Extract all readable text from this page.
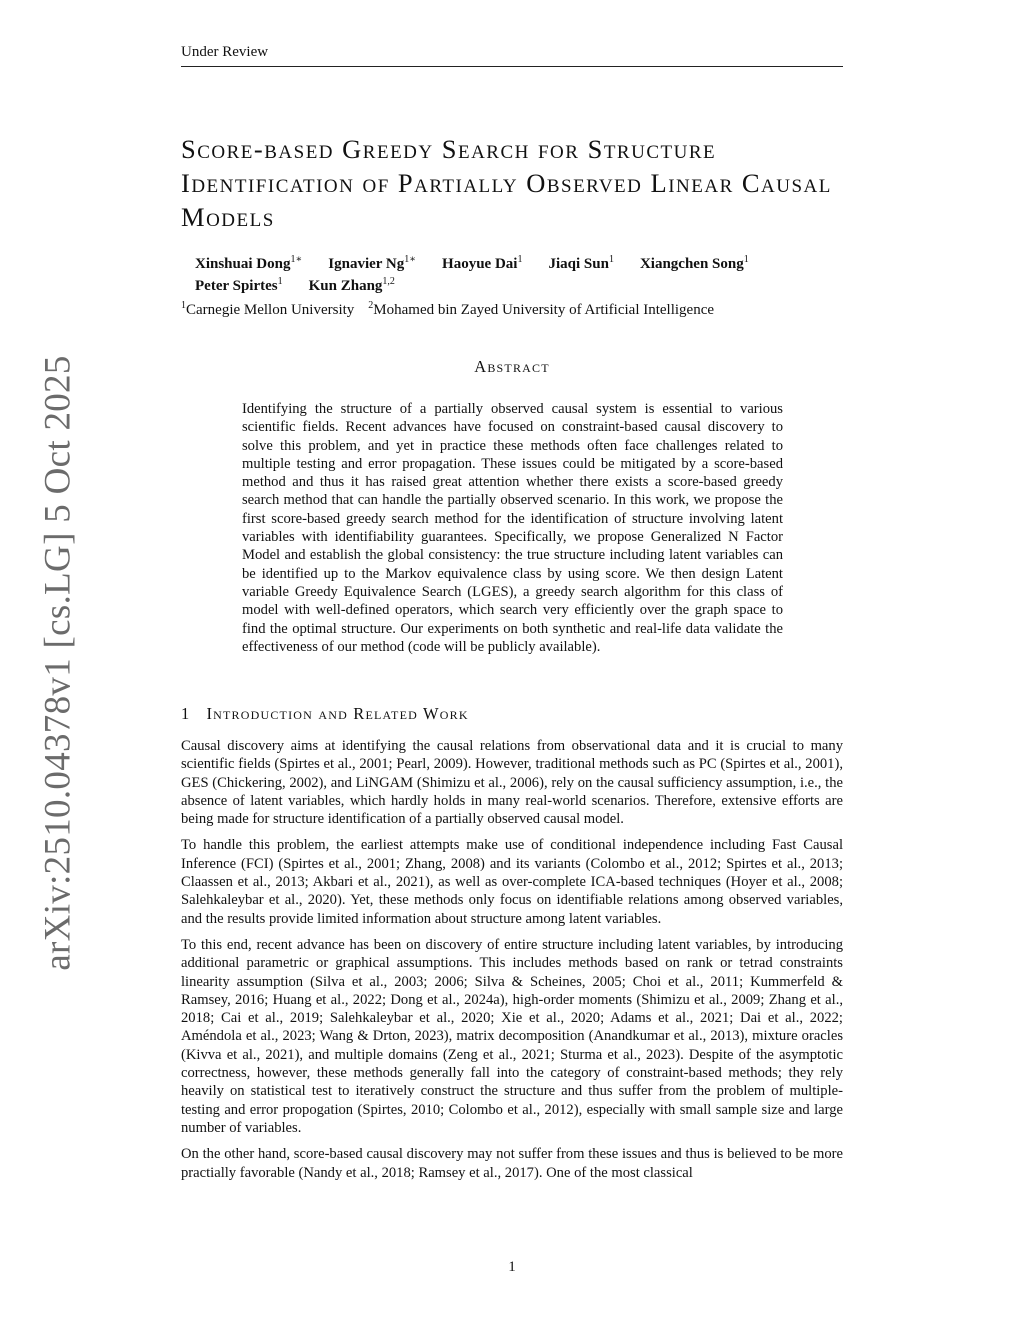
Under Review
arXiv:2510.04378v1 [cs.LG] 5 Oct 2025
Score-based Greedy Search for Structure Identification of Partially Observed Linear Causal Models
Xinshuai Dong$^{1∗}$ Ignavier $Ng^{1∗}$ Haoyue Dai$^1$ Jiaqi Sun$^1$ Xiangchen Song$^1$
Peter Spirtes$^1$ Kun Zhang$^{1,2}$
$^1$Carnegie Mellon University $^2$Mohamed bin Zayed University of Artificial Intelligence
Abstract

Identifying the structure of a partially observed causal system is essential to various scientific fields. Recent advances have focused on constraint-based causal discovery to solve this problem, and yet in practice these methods often face challenges related to multiple testing and error propagation. These issues could be mitigated by a score-based method and thus it has raised great attention whether there exists a score-based greedy search method that can handle the partially observed scenario. In this work, we propose the first score-based greedy search method for the identification of structure involving latent variables with identifiability guarantees. Specifically, we propose Generalized N Factor Model and establish the global consistency: the true structure including latent variables can be identified up to the Markov equivalence class by using score. We then design Latent variable Greedy Equivalence Search (LGES), a greedy search algorithm for this class of model with well-defined operators, which search very efficiently over the graph space to find the optimal structure. Our experiments on both synthetic and real-life data validate the effectiveness of our method (code will be publicly available).

1 Introduction and Related Work

Causal discovery aims at identifying the causal relations from observational data and it is crucial to many scientific fields (Spirtes et al., 2001; Pearl, 2009). However, traditional methods such as PC (Spirtes et al., 2001), GES (Chickering, 2002), and LiNGAM (Shimizu et al., 2006), rely on the causal sufficiency assumption, i.e., the absence of latent variables, which hardly holds in many real-world scenarios. Therefore, extensive efforts are being made for structure identification of a partially observed causal model.

To handle this problem, the earliest attempts make use of conditional independence including Fast Causal Inference (FCI) (Spirtes et al., 2001; Zhang, 2008) and its variants (Colombo et al., 2012; Spirtes et al., 2013; Claassen et al., 2013; Akbari et al., 2021), as well as over-complete ICA-based techniques (Hoyer et al., 2008; Salehkaleybar et al., 2020). Yet, these methods only focus on identifiable relations among observed variables, and the results provide limited information about structure among latent variables.

To this end, recent advance has been on discovery of entire structure including latent variables, by introducing additional parametric or graphical assumptions. This includes methods based on rank or tetrad constraints linearity assumption (Silva et al., 2003; 2006; Silva & Scheines, 2005; Choi et al., 2011; Kummerfeld & Ramsey, 2016; Huang et al., 2022; Dong et al., 2024a), high-order moments (Shimizu et al., 2009; Zhang et al., 2018; Cai et al., 2019; Salehkaleybar et al., 2020; Xie et al., 2020; Adams et al., 2021; Dai et al., 2022; Améndola et al., 2023; Wang & Drton, 2023), matrix decomposition (Anandkumar et al., 2013), mixture oracles (Kivva et al., 2021), and multiple domains (Zeng et al., 2021; Sturma et al., 2023). Despite of the asymptotic correctness, however, these methods generally fall into the category of constraint-based methods; they rely heavily on statistical test to iteratively construct the structure and thus suffer from the problem of multiple-testing and error propogation (Spirtes, 2010; Colombo et al., 2012), especially with small sample size and large number of variables.

On the other hand, score-based causal discovery may not suffer from these issues and thus is believed to be more practially favorable (Nandy et al., 2018; Ramsey et al., 2017). One of the most classical

1
